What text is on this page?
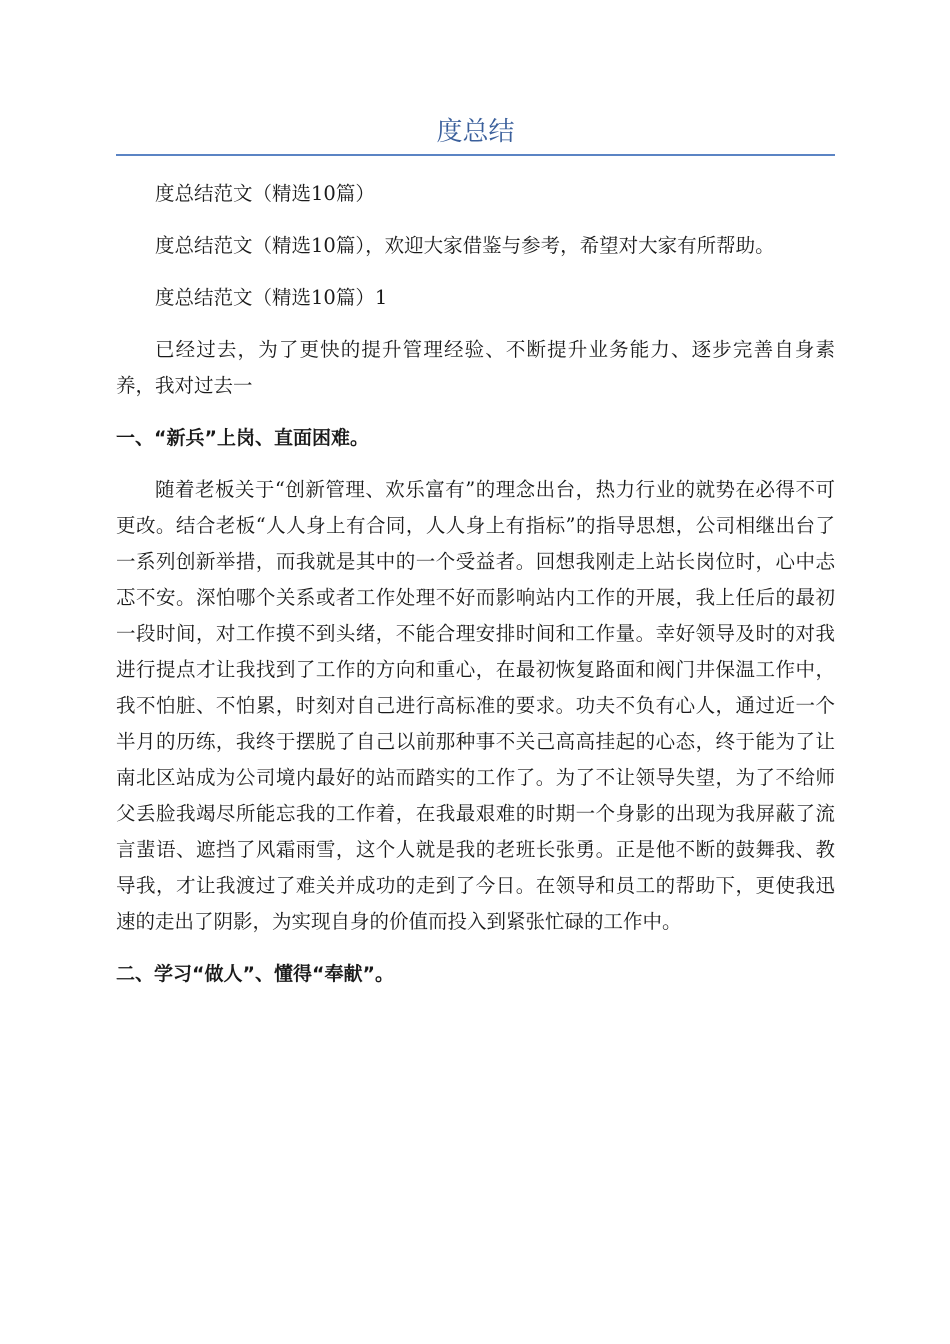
度总结

度总结范文（精选10篇）

度总结范文（精选10篇），欢迎大家借鉴与参考，希望对大家有所帮助。

度总结范文（精选10篇）1

已经过去，为了更快的提升管理经验、不断提升业务能力、逐步完善自身素养，我对过去一

一、“新兵”上岗、直面困难。

随着老板关于“创新管理、欢乐富有”的理念出台，热力行业的就势在必得不可更改。结合老板“人人身上有合同，人人身上有指标”的指导思想，公司相继出台了一系列创新举措，而我就是其中的一个受益者。回想我刚走上站长岗位时，心中忐忑不安。深怕哪个关系或者工作处理不好而影响站内工作的开展，我上任后的最初一段时间，对工作摸不到头绪，不能合理安排时间和工作量。幸好领导及时的对我进行提点才让我找到了工作的方向和重心，在最初恢复路面和阀门井保温工作中，我不怕脏、不怕累，时刻对自己进行高标准的要求。功夫不负有心人，通过近一个半月的历练，我终于摆脱了自己以前那种事不关己高高挂起的心态，终于能为了让南北区站成为公司境内最好的站而踏实的工作了。为了不让领导失望，为了不给师父丢脸我竭尽所能忘我的工作着，在我最艰难的时期一个身影的出现为我屏蔽了流言蜚语、遮挡了风霜雨雪，这个人就是我的老班长张勇。正是他不断的鼓舞我、教导我，才让我渡过了难关并成功的走到了今日。在领导和员工的帮助下，更使我迅速的走出了阴影，为实现自身的价值而投入到紧张忙碌的工作中。

二、学习“做人”、懂得“奉献”。
